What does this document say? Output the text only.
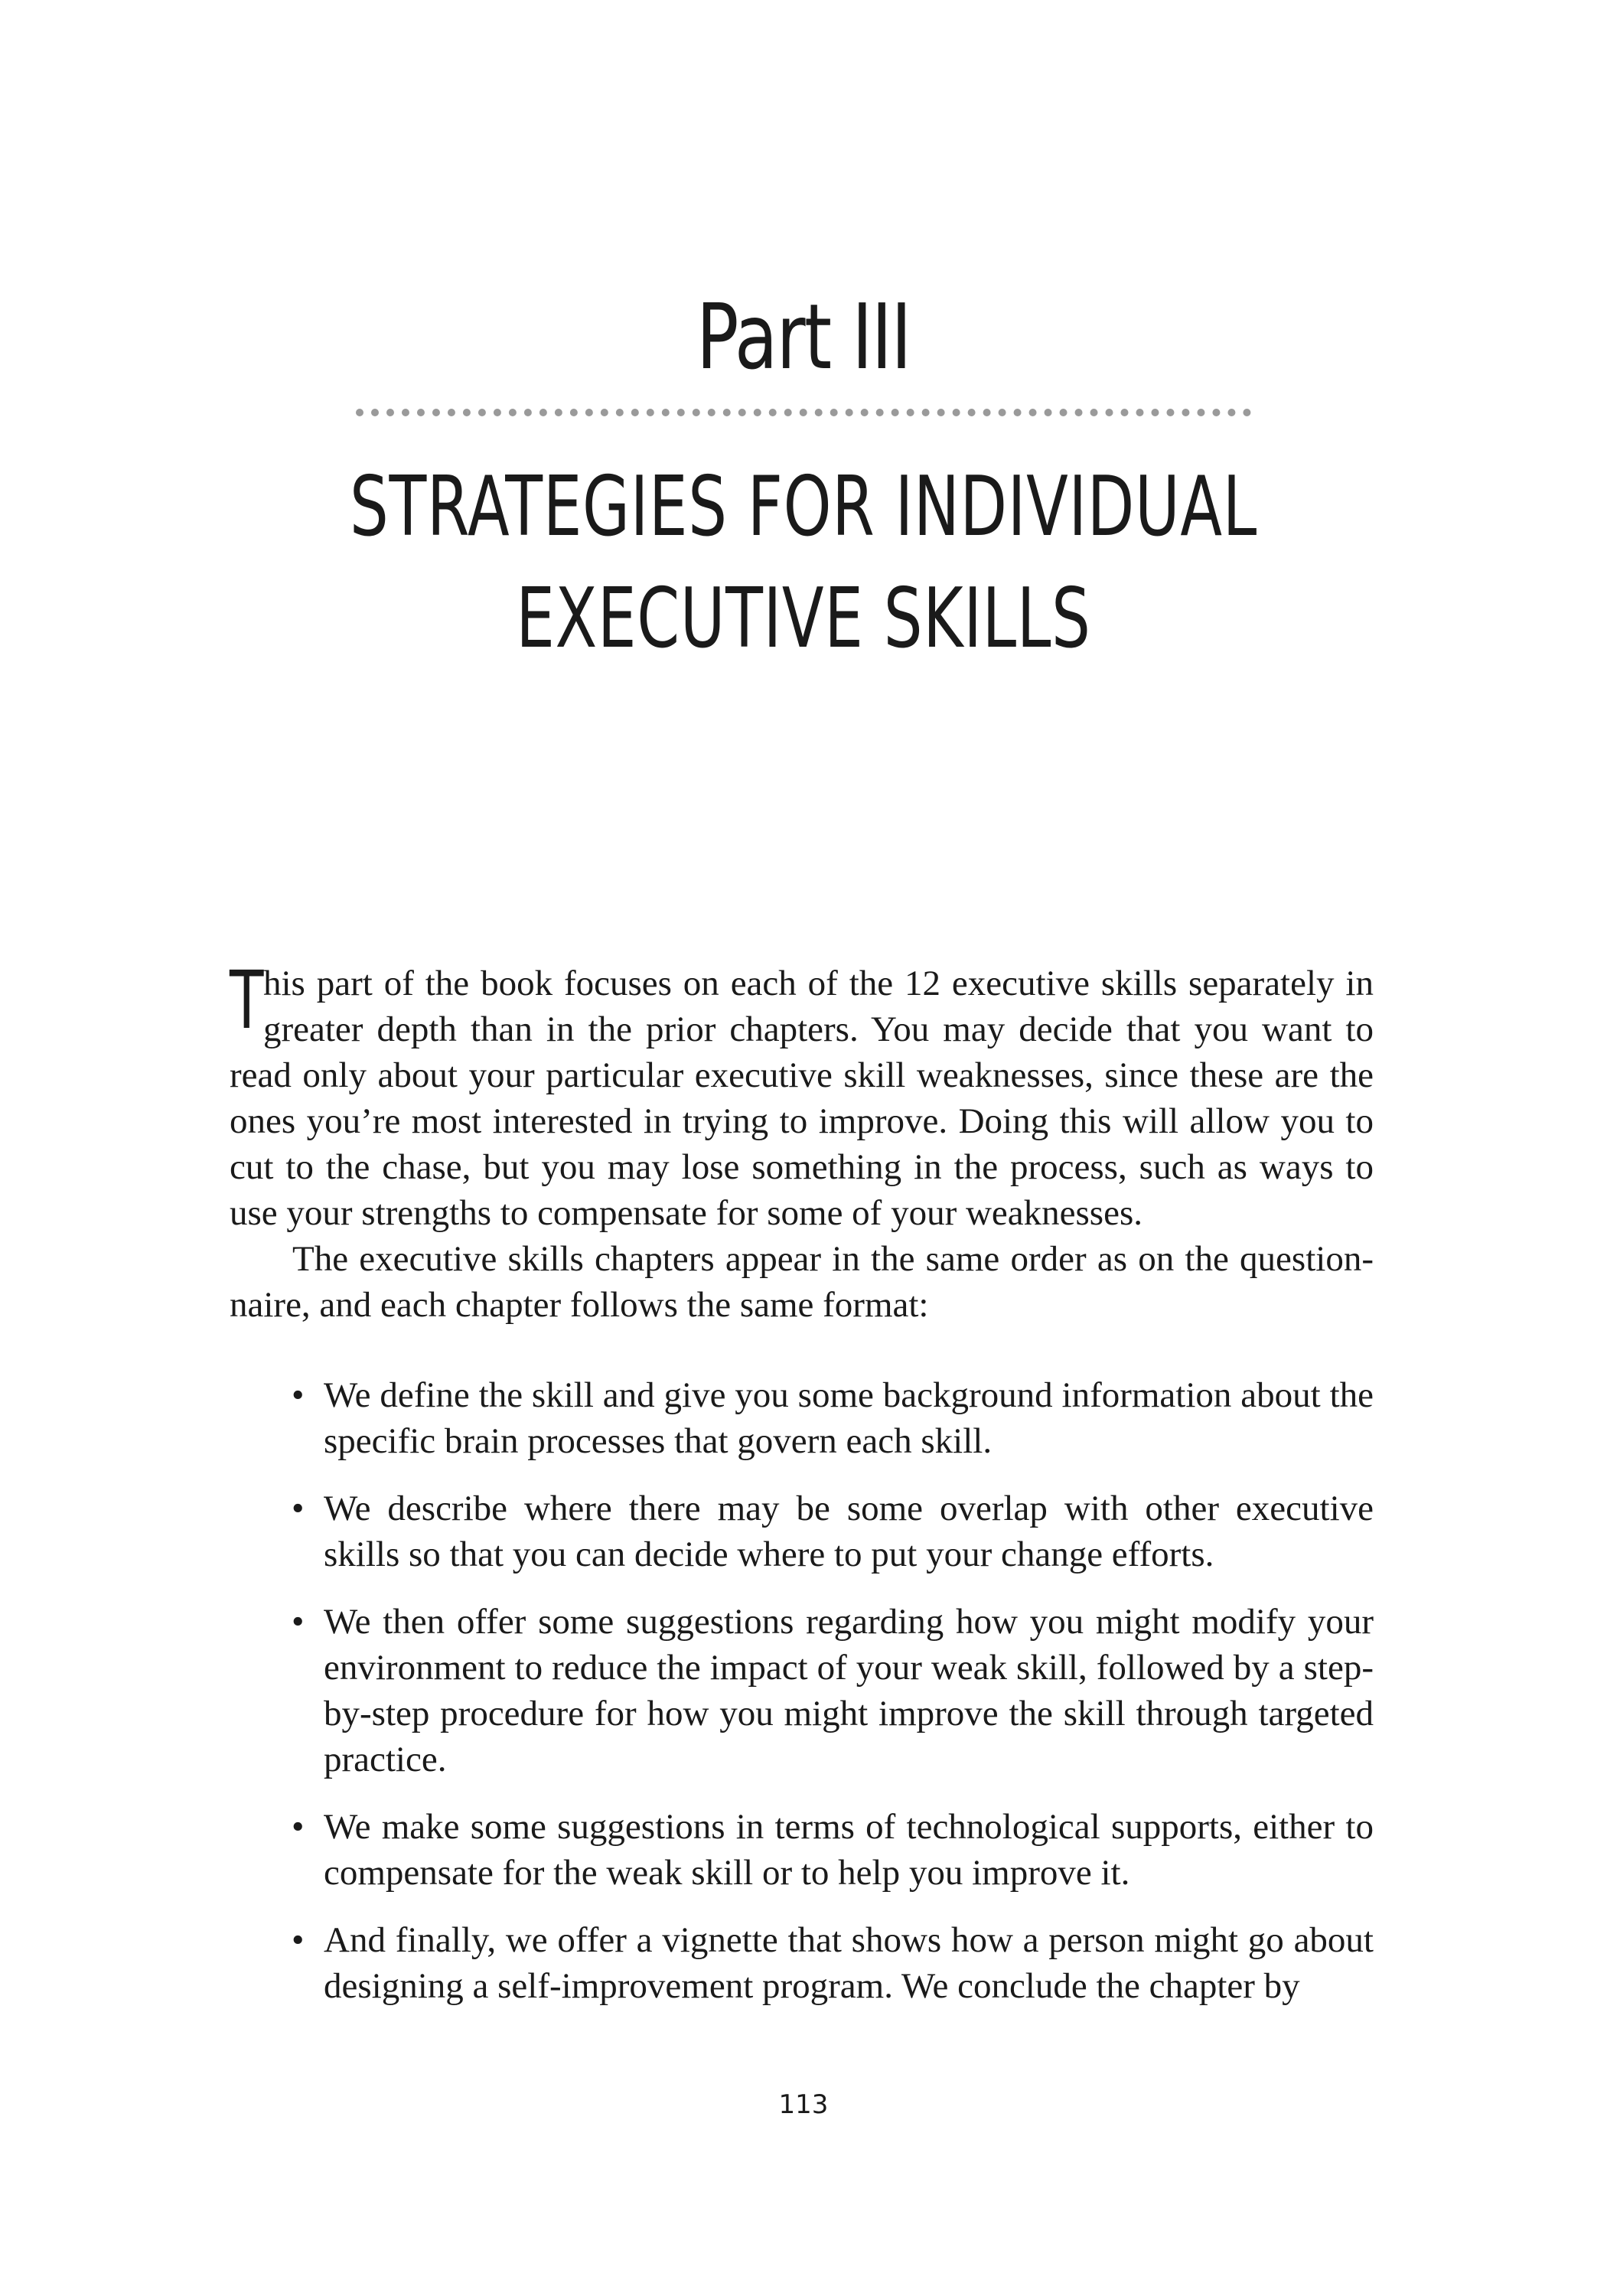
Part III
STRATEGIES FOR INDIVIDUAL
EXECUTIVE SKILLS

This part of the book focuses on each of the 12 executive skills separately in greater depth than in the prior chapters. You may decide that you want to read only about your particular executive skill weaknesses, since these are the ones you’re most interested in trying to improve. Doing this will allow you to cut to the chase, but you may lose something in the process, such as ways to use your strengths to compensate for some of your weaknesses.

The executive skills chapters appear in the same order as on the questionnaire, and each chapter follows the same format:

• We define the skill and give you some background information about the specific brain processes that govern each skill.
• We describe where there may be some overlap with other executive skills so that you can decide where to put your change efforts.
• We then offer some suggestions regarding how you might modify your environment to reduce the impact of your weak skill, followed by a step-by-step procedure for how you might improve the skill through targeted practice.
• We make some suggestions in terms of technological supports, either to compensate for the weak skill or to help you improve it.
• And finally, we offer a vignette that shows how a person might go about designing a self-improvement program. We conclude the chapter by
113
